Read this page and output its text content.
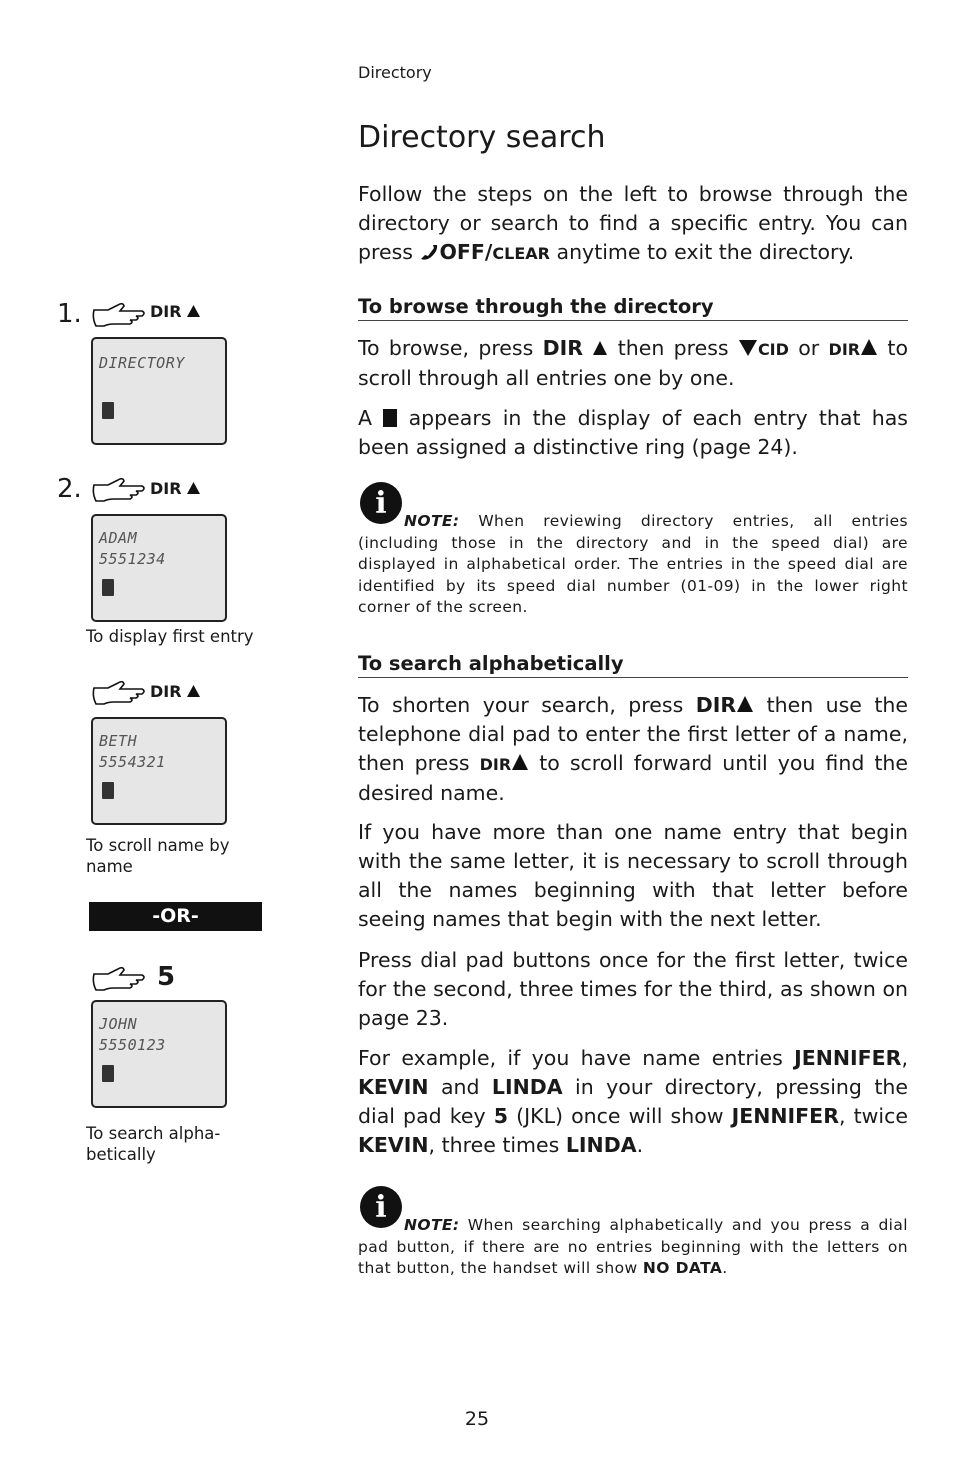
Directory
Directory search

Follow the steps on the left to browse through the directory or search to find a specific entry. You can press OFF/CLEAR anytime to exit the directory.

To browse through the directory

To browse, press DIR  then press CID or DIR to scroll through all entries one by one.

A  appears in the display of each entry that has been assigned a distinctive ring (page 24).

i
NOTE: When reviewing directory entries, all entries (including those in the directory and in the speed dial) are displayed in alphabetical order. The entries in the speed dial are identified by its speed dial number (01-09) in the lower right corner of the screen.
To search alphabetically

To shorten your search, press DIR then use the telephone dial pad to enter the first letter of a name, then press DIR to scroll forward until you find the desired name.

If you have more than one name entry that begin with the same letter, it is necessary to scroll through all the names beginning with that letter before seeing names that begin with the next letter.

Press dial pad buttons once for the first letter, twice for the second, three times for the third, as shown on page 23.

For example, if you have name entries JENNIFER, KEVIN and LINDA in your directory, pressing the dial pad key 5 (JKL) once will show JENNIFER, twice KEVIN, three times LINDA.

i
NOTE: When searching alphabetically and you press a dial pad button, if there are no entries beginning with the letters on that button, the handset will show NO DATA.
1.	DIR
DIRECTORY
2.	DIR
ADAM
5551234
To display first entry
DIR
BETH
5554321
To scroll name by name
-OR-
5
JOHN
5550123
To search alpha-betically
25
